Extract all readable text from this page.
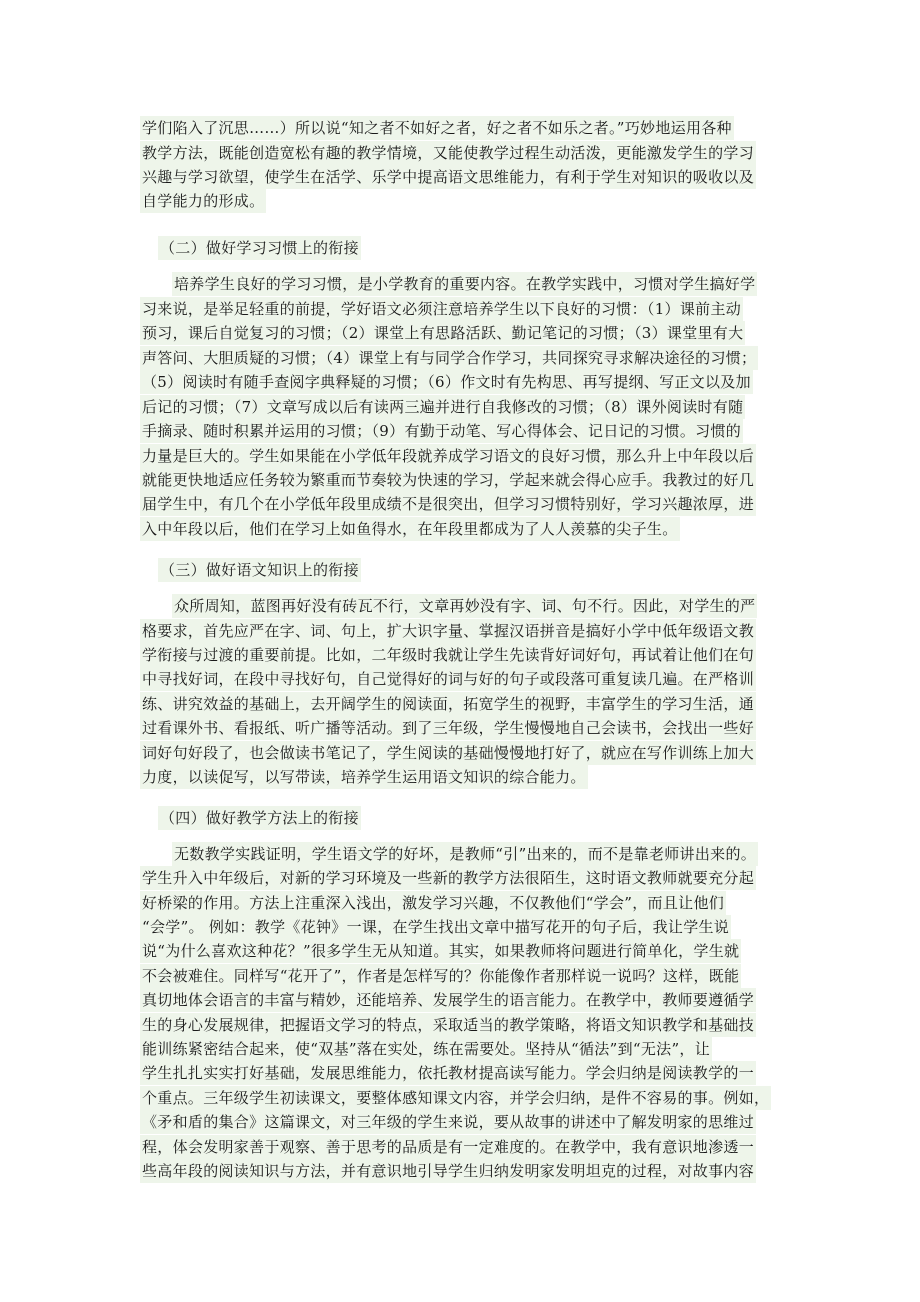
学们陷入了沉思……）所以说“知之者不如好之者，好之者不如乐之者。”巧妙地运用各种
教学方法，既能创造宽松有趣的教学情境，又能使教学过程生动活泼，更能激发学生的学习
兴趣与学习欲望，使学生在活学、乐学中提高语文思维能力，有利于学生对知识的吸收以及
自学能力的形成。
（二）做好学习习惯上的衔接
培养学生良好的学习习惯，是小学教育的重要内容。在教学实践中，习惯对学生搞好学
习来说，是举足轻重的前提，学好语文必须注意培养学生以下良好的习惯：（1）课前主动
预习，课后自觉复习的习惯；（2）课堂上有思路活跃、勤记笔记的习惯；（3）课堂里有大
声答问、大胆质疑的习惯；（4）课堂上有与同学合作学习，共同探究寻求解决途径的习惯；
（5）阅读时有随手查阅字典释疑的习惯；（6）作文时有先构思、再写提纲、写正文以及加
后记的习惯；（7）文章写成以后有读两三遍并进行自我修改的习惯；（8）课外阅读时有随
手摘录、随时积累并运用的习惯；（9）有勤于动笔、写心得体会、记日记的习惯。习惯的
力量是巨大的。学生如果能在小学低年段就养成学习语文的良好习惯，那么升上中年段以后
就能更快地适应任务较为繁重而节奏较为快速的学习，学起来就会得心应手。我教过的好几
届学生中，有几个在小学低年段里成绩不是很突出，但学习习惯特别好，学习兴趣浓厚，进
入中年段以后，他们在学习上如鱼得水，在年段里都成为了人人羡慕的尖子生。
（三）做好语文知识上的衔接
众所周知，蓝图再好没有砖瓦不行，文章再妙没有字、词、句不行。因此，对学生的严
格要求，首先应严在字、词、句上，扩大识字量、掌握汉语拼音是搞好小学中低年级语文教
学衔接与过渡的重要前提。比如，二年级时我就让学生先读背好词好句，再试着让他们在句
中寻找好词，在段中寻找好句，自己觉得好的词与好的句子或段落可重复读几遍。在严格训
练、讲究效益的基础上，去开阔学生的阅读面，拓宽学生的视野，丰富学生的学习生活，通
过看课外书、看报纸、听广播等活动。到了三年级，学生慢慢地自己会读书，会找出一些好
词好句好段了，也会做读书笔记了，学生阅读的基础慢慢地打好了，就应在写作训练上加大
力度，以读促写，以写带读，培养学生运用语文知识的综合能力。
（四）做好教学方法上的衔接
无数教学实践证明，学生语文学的好坏，是教师“引”出来的，而不是靠老师讲出来的。
学生升入中年级后，对新的学习环境及一些新的教学方法很陌生，这时语文教师就要充分起
好桥梁的作用。方法上注重深入浅出，激发学习兴趣，不仅教他们“学会”，而且让他们
“会学”。 例如：教学《花钟》一课，在学生找出文章中描写花开的句子后，我让学生说
说“为什么喜欢这种花？”很多学生无从知道。其实，如果教师将问题进行简单化，学生就
不会被难住。同样写“花开了”，作者是怎样写的？你能像作者那样说一说吗？这样，既能
真切地体会语言的丰富与精妙，还能培养、发展学生的语言能力。在教学中，教师要遵循学
生的身心发展规律，把握语文学习的特点，采取适当的教学策略，将语文知识教学和基础技
能训练紧密结合起来，使“双基”落在实处，练在需要处。坚持从“循法”到“无法”，让
学生扎扎实实打好基础，发展思维能力，依托教材提高读写能力。学会归纳是阅读教学的一
个重点。三年级学生初读课文，要整体感知课文内容，并学会归纳，是件不容易的事。例如，
《矛和盾的集合》这篇课文，对三年级的学生来说，要从故事的讲述中了解发明家的思维过
程，体会发明家善于观察、善于思考的品质是有一定难度的。在教学中，我有意识地渗透一
些高年段的阅读知识与方法，并有意识地引导学生归纳发明家发明坦克的过程，对故事内容
